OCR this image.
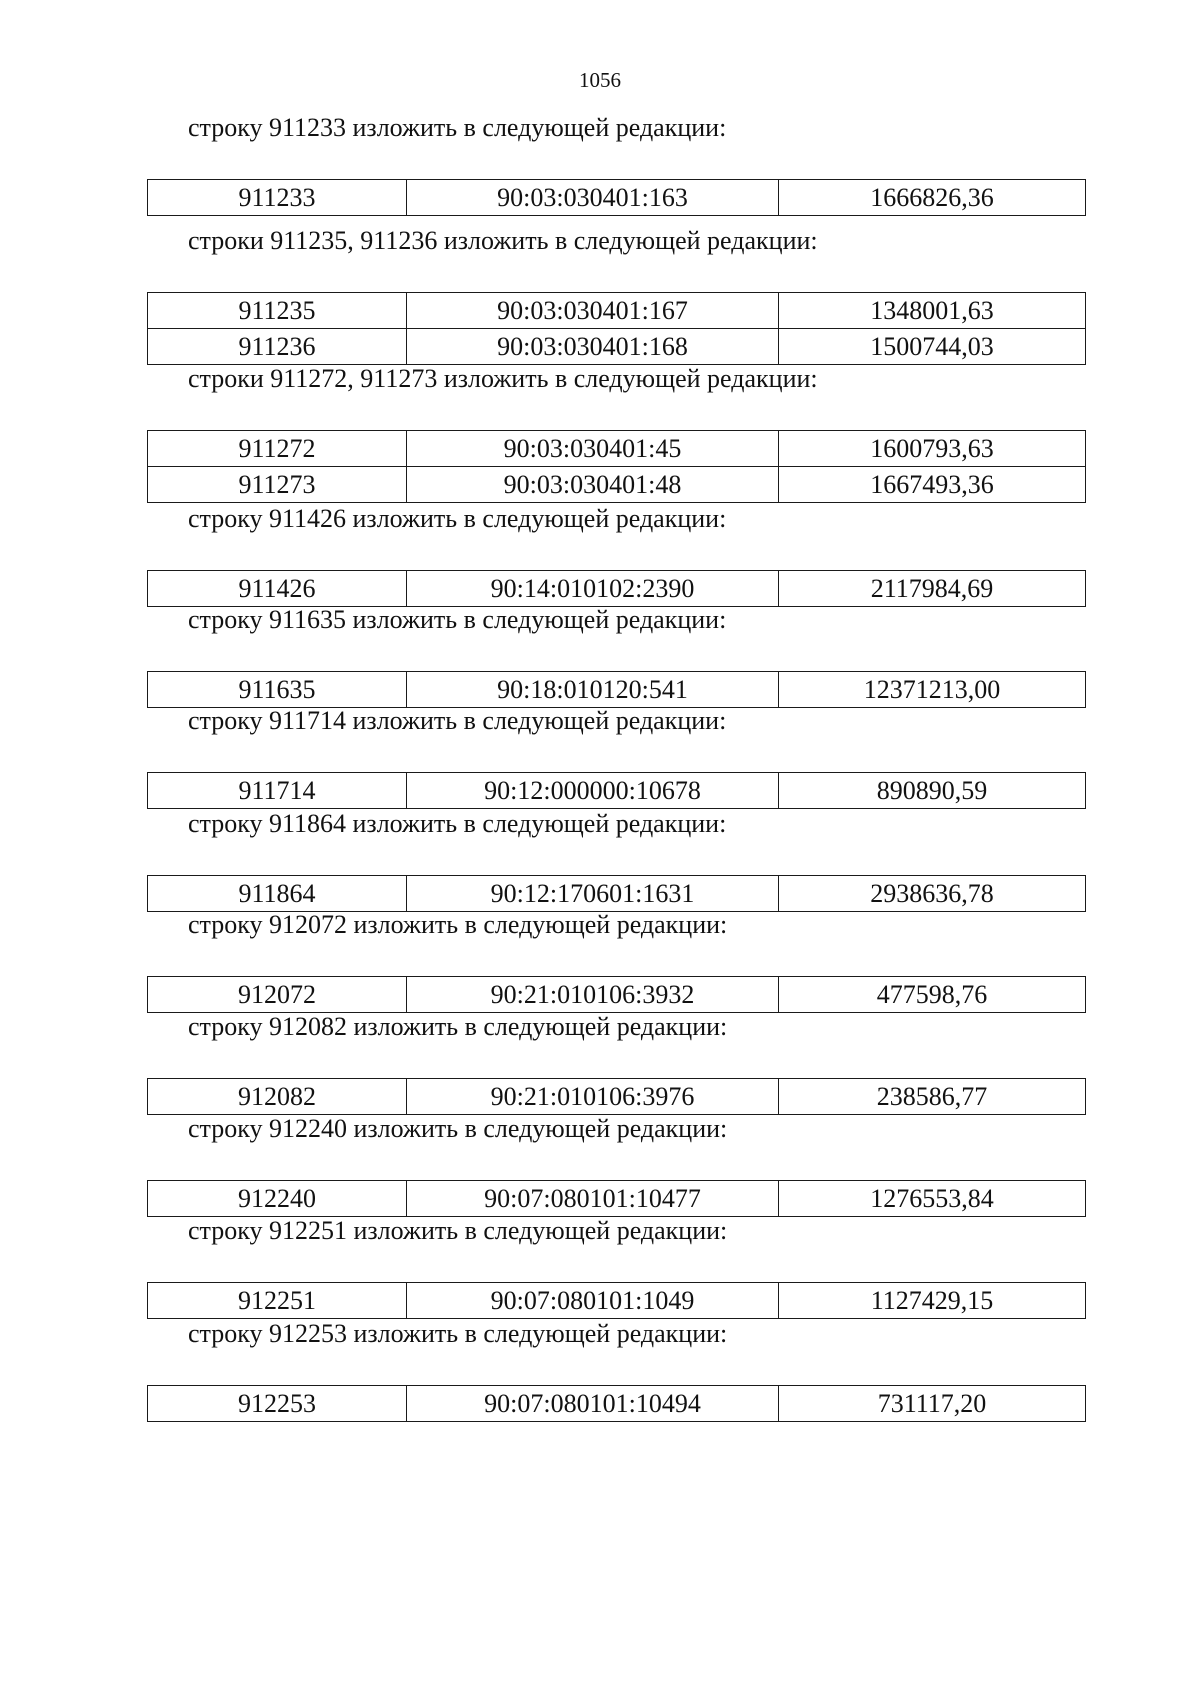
1056
строку 911233 изложить в следующей редакции:
911233	90:03:030401:163	1666826,36
строки 911235, 911236 изложить в следующей редакции:
911235	90:03:030401:167	1348001,63
911236	90:03:030401:168	1500744,03
строки 911272, 911273 изложить в следующей редакции:
911272	90:03:030401:45	1600793,63
911273	90:03:030401:48	1667493,36
строку 911426 изложить в следующей редакции:
911426	90:14:010102:2390	2117984,69
строку 911635 изложить в следующей редакции:
911635	90:18:010120:541	12371213,00
строку 911714 изложить в следующей редакции:
911714	90:12:000000:10678	890890,59
строку 911864 изложить в следующей редакции:
911864	90:12:170601:1631	2938636,78
строку 912072 изложить в следующей редакции:
912072	90:21:010106:3932	477598,76
строку 912082 изложить в следующей редакции:
912082	90:21:010106:3976	238586,77
строку 912240 изложить в следующей редакции:
912240	90:07:080101:10477	1276553,84
строку 912251 изложить в следующей редакции:
912251	90:07:080101:1049	1127429,15
строку 912253 изложить в следующей редакции:
912253	90:07:080101:10494	731117,20
